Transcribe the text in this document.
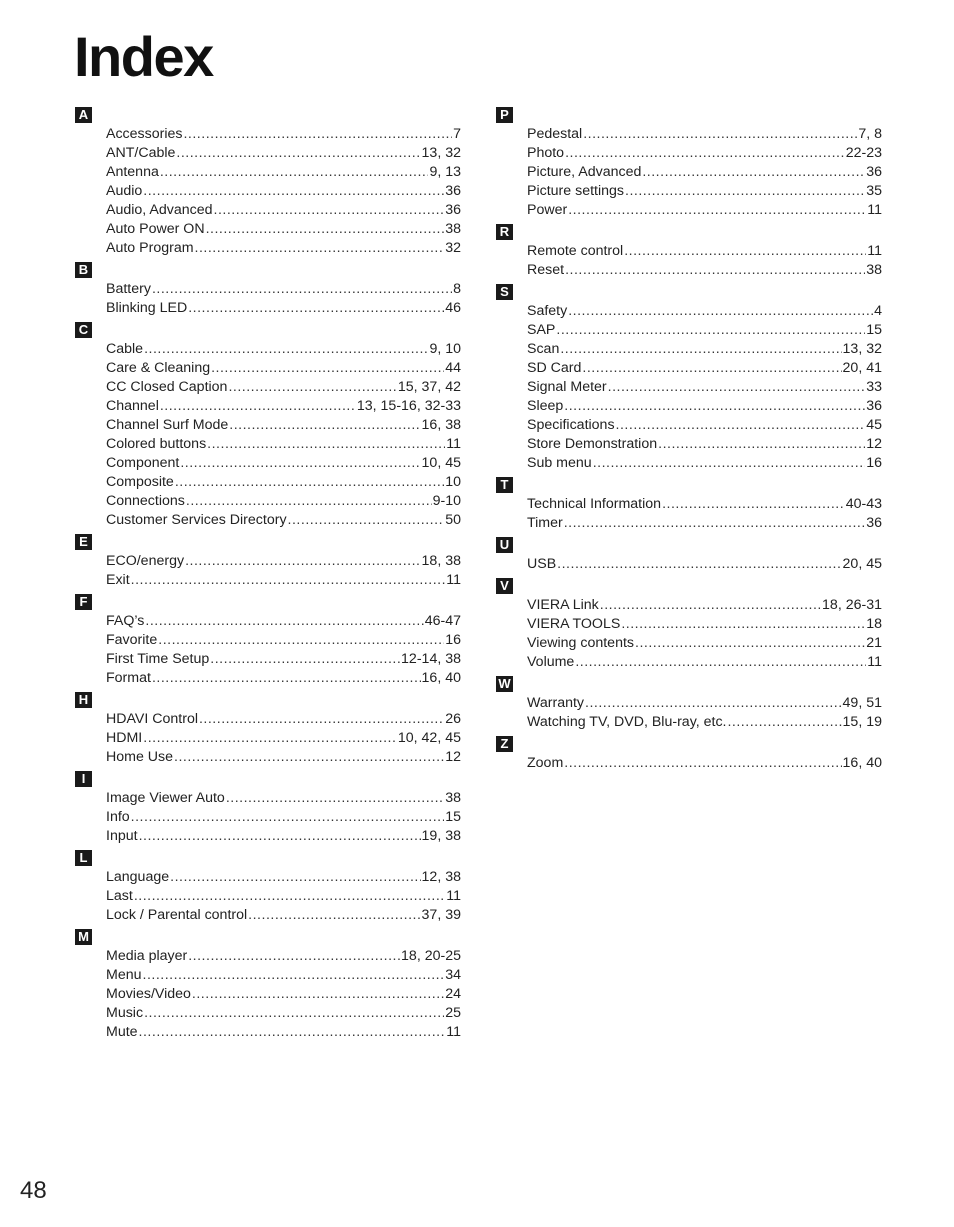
Index
A
Accessories .....	7
ANT/Cable .....	13, 32
Antenna .....	9, 13
Audio .....	36
Audio, Advanced .....	36
Auto Power ON .....	38
Auto Program .....	32
B
Battery .....	8
Blinking LED .....	46
C
Cable .....	9, 10
Care & Cleaning .....	44
CC Closed Caption .....	15, 37, 42
Channel .....	13, 15-16, 32-33
Channel Surf Mode .....	16, 38
Colored buttons .....	11
Component .....	10, 45
Composite .....	10
Connections .....	9-10
Customer Services Directory .....	50
E
ECO/energy .....	18, 38
Exit .....	11
F
FAQ’s .....	46-47
Favorite .....	16
First Time Setup .....	12-14, 38
Format .....	16, 40
H
HDAVI Control .....	26
HDMI .....	10, 42, 45
Home Use .....	12
I
Image Viewer Auto .....	38
Info .....	15
Input .....	19, 38
L
Language .....	12, 38
Last .....	11
Lock / Parental control .....	37, 39
M
Media player .....	18, 20-25
Menu .....	34
Movies/Video .....	24
Music .....	25
Mute .....	11
P
Pedestal .....	7, 8
Photo .....	22-23
Picture, Advanced .....	36
Picture settings .....	35
Power .....	11
R
Remote control .....	11
Reset .....	38
S
Safety .....	4
SAP .....	15
Scan .....	13, 32
SD Card .....	20, 41
Signal Meter .....	33
Sleep .....	36
Specifications .....	45
Store Demonstration .....	12
Sub menu .....	16
T
Technical Information .....	40-43
Timer .....	36
U
USB .....	20, 45
V
VIERA Link .....	18, 26-31
VIERA TOOLS .....	18
Viewing contents .....	21
Volume .....	11
W
Warranty .....	49, 51
Watching TV, DVD, Blu-ray, etc. .....	15, 19
Z
Zoom .....	16, 40
48
